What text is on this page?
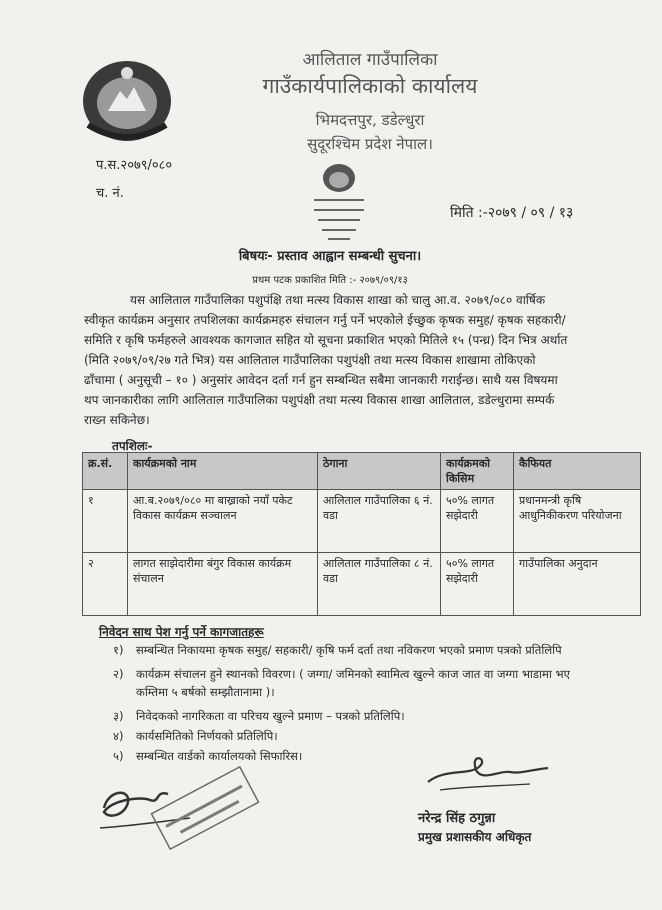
आलिताल गाउँपालिका
गाउँकार्यपालिकाको कार्यालय
भिमदत्तपुर, डडेल्धुरा
सुदूरश्चिम प्रदेश नेपाल।
प.स.२०७९/०८०
च. नं.
मिति :-२०७९ / ०९ / १३
बिषयः- प्रस्ताव आह्वान सम्बन्धी सुचना।
प्रथम पटक प्रकाशित मिति :- २०७९/०९/१३
यस आलिताल गाउँपालिका पशुपंक्षि तथा मत्स्य विकास शाखा को चालु आ.व. २०७९/०८० वार्षिक
स्वीकृत कार्यक्रम अनुसार तपशिलका कार्यक्रमहरु संचालन गर्नु पर्ने भएकोले ईच्छुक कृषक समुह/ कृषक सहकारी/
समिति र कृषि फर्महरुले आवश्यक कागजात सहित यो सूचना प्रकाशित भएको मितिले १५ (पन्ध्र) दिन भित्र अर्थात
(मिति २०७९/०९/२७ गते भित्र) यस आलिताल गाउँपालिका पशुपंक्षी तथा मत्स्य विकास शाखामा तोकिएको
ढाँचामा ( अनुसूची – १० ) अनुसांर आवेदन दर्ता गर्न हुन सम्बन्धित सबैमा जानकारी गराईन्छ। साथै यस विषयमा
थप जानकारीका लागि आलिताल गाउँपालिका पशुपंक्षी तथा मत्स्य विकास शाखा आलिताल, डडेल्धुरामा सम्पर्क
राख्न सकिनेछ।
तपशिलः-
क्र.सं.	कार्यक्रमको नाम	ठेगाना	कार्यक्रमको किसिम	कैफियत
१	आ.ब.२०७९/०८० मा बाख्राको नयाँ पकेट विकास कार्यक्रम सञ्चालन	आलिताल गाउँपालिका ६ नं. वडा	५०% लागत सझेदारी	प्रधानमन्त्री कृषि आधुनिकीकरण परियोजना
२	लागत साझेदारीमा बंगुर विकास कार्यक्रम संचालन	आलिताल गाउँपालिका ८ नं. वडा	५०% लागत सझेदारी	गाउँपालिका अनुदान
निवेदन साथ पेश गर्नु पर्ने कागजातहरू
१) सम्बन्धित निकायमा कृषक समुह/ सहकारी/ कृषि फर्म दर्ता तथा नविकरण भएको प्रमाण पत्रको प्रतिलिपि
२) कार्यक्रम संचालन हुने स्थानको विवरण। ( जग्गा/ जमिनको स्वामित्व खुल्ने काज जात वा जग्गा भाडामा भए
कम्तिमा ५ बर्षको सम्झौतानामा )।
३) निवेदकको नागरिकता वा परिचय खुल्ने प्रमाण – पत्रको प्रतिलिपि।
४) कार्यसमितिको निर्णयको प्रतिलिपि।
५) सम्बन्धित वार्डको कार्यालयको सिफारिस।
नरेन्द्र सिंह ठगुन्ना
प्रमुख प्रशासकीय अधिकृत
